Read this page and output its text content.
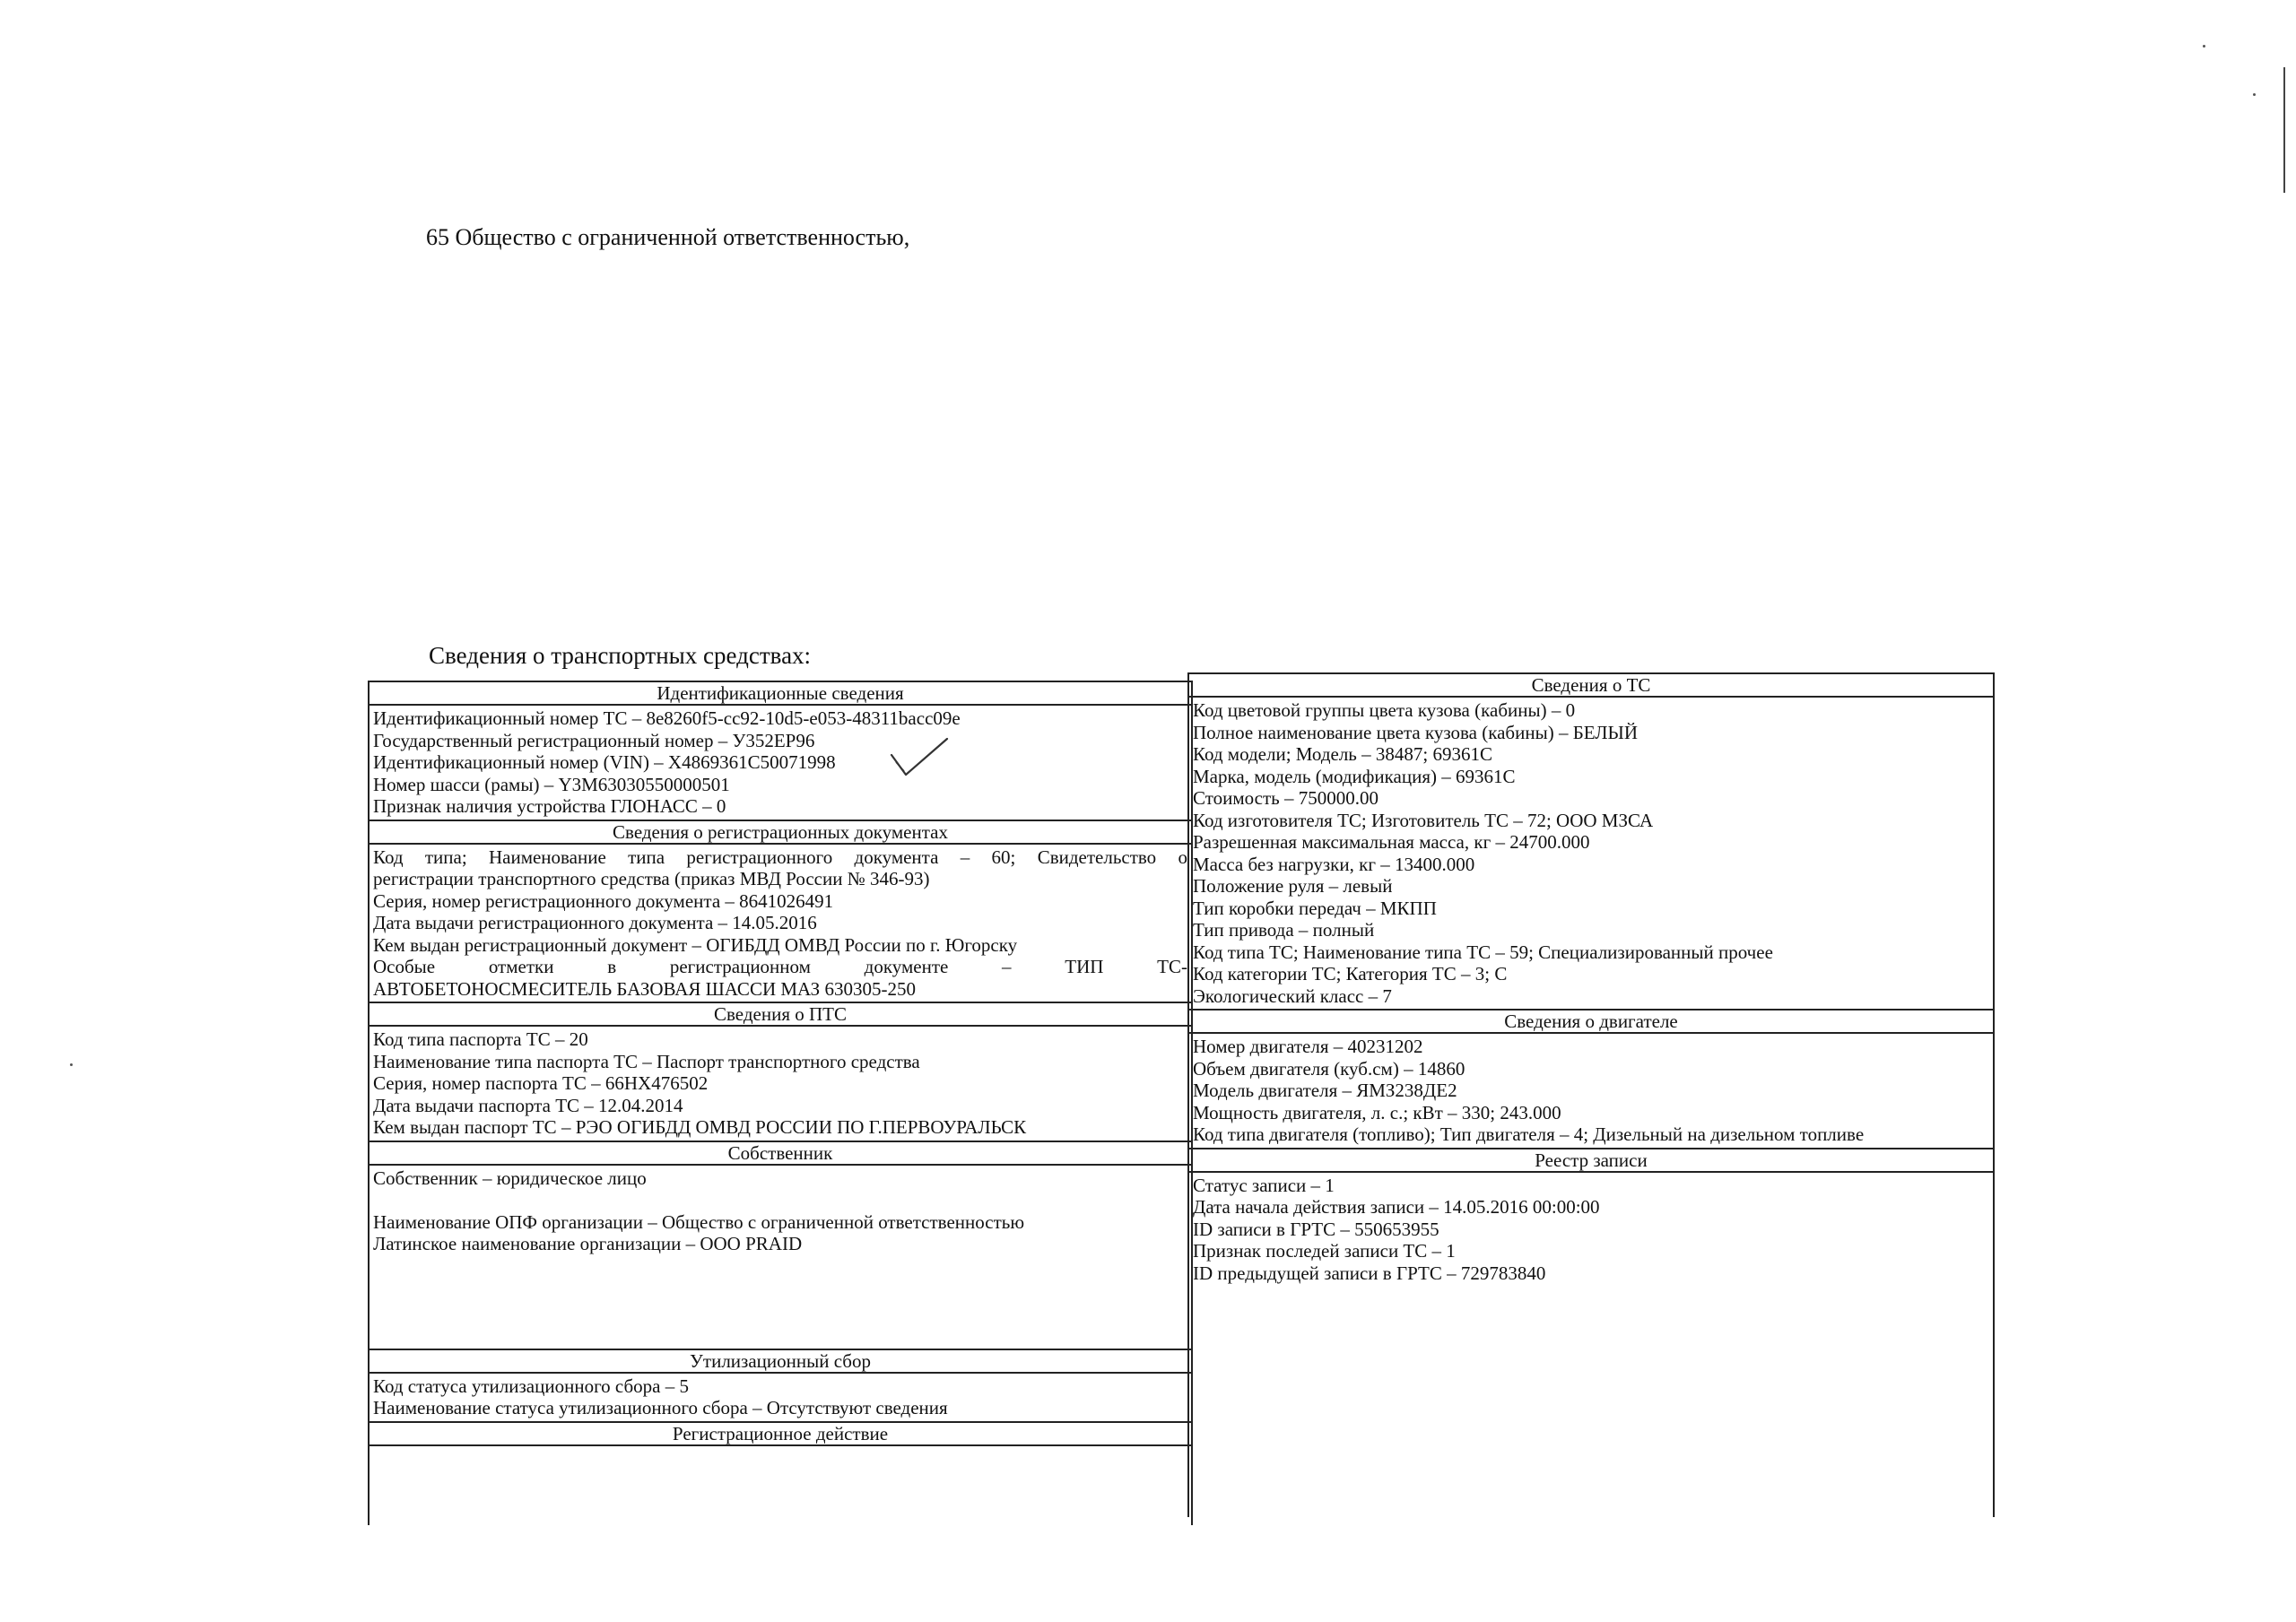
65 Общество с ограниченной ответственностью,
Сведения о транспортных средствах:
Идентификационные сведения
Идентификационный номер ТС – 8e8260f5-cc92-10d5-e053-48311bacc09e
Государственный регистрационный номер – У352ЕР96
Идентификационный номер (VIN) – Х4869361С50071998
Номер шасси (рамы) – Y3M63030550000501
Признак наличия устройства ГЛОНАСС – 0
Сведения о регистрационных документах
Код типа; Наименование типа регистрационного документа – 60; Свидетельство о
регистрации транспортного средства (приказ МВД России № 346-93)
Серия, номер регистрационного документа – 8641026491
Дата выдачи регистрационного документа – 14.05.2016
Кем выдан регистрационный документ – ОГИБДД ОМВД России по г. Югорску
Особые отметки в регистрационном документе – ТИП ТС-
АВТОБЕТОНОСМЕСИТЕЛЬ БАЗОВАЯ ШАССИ МАЗ 630305-250
Сведения о ПТС
Код типа паспорта ТС – 20
Наименование типа паспорта ТС – Паспорт транспортного средства
Серия, номер паспорта ТС – 66НХ476502
Дата выдачи паспорта ТС – 12.04.2014
Кем выдан паспорт ТС – РЭО ОГИБДД ОМВД РОССИИ ПО Г.ПЕРВОУРАЛЬСК
Собственник
Собственник – юридическое лицо
Наименование ОПФ организации – Общество с ограниченной ответственностью
Латинское наименование организации – ООО PRAID
Утилизационный сбор
Код статуса утилизационного сбора – 5
Наименование статуса утилизационного сбора – Отсутствуют сведения
Регистрационное действие
Сведения о ТС
Код цветовой группы цвета кузова (кабины) – 0
Полное наименование цвета кузова (кабины) – БЕЛЫЙ
Код модели; Модель – 38487; 69361С
Марка, модель (модификация) – 69361С
Стоимость – 750000.00
Код изготовителя ТС; Изготовитель ТС – 72; ООО МЗСА
Разрешенная максимальная масса, кг – 24700.000
Масса без нагрузки, кг – 13400.000
Положение руля – левый
Тип коробки передач – МКПП
Тип привода – полный
Код типа ТС; Наименование типа ТС – 59; Специализированный прочее
Код категории ТС; Категория ТС – 3; С
Экологический класс – 7
Сведения о двигателе
Номер двигателя – 40231202
Объем двигателя (куб.см) – 14860
Модель двигателя – ЯМЗ238ДЕ2
Мощность двигателя, л. с.; кВт – 330; 243.000
Код типа двигателя (топливо); Тип двигателя – 4; Дизельный на дизельном топливе
Реестр записи
Статус записи – 1
Дата начала действия записи – 14.05.2016 00:00:00
ID записи в ГРТС – 550653955
Признак последей записи ТС – 1
ID предыдущей записи в ГРТС – 729783840
